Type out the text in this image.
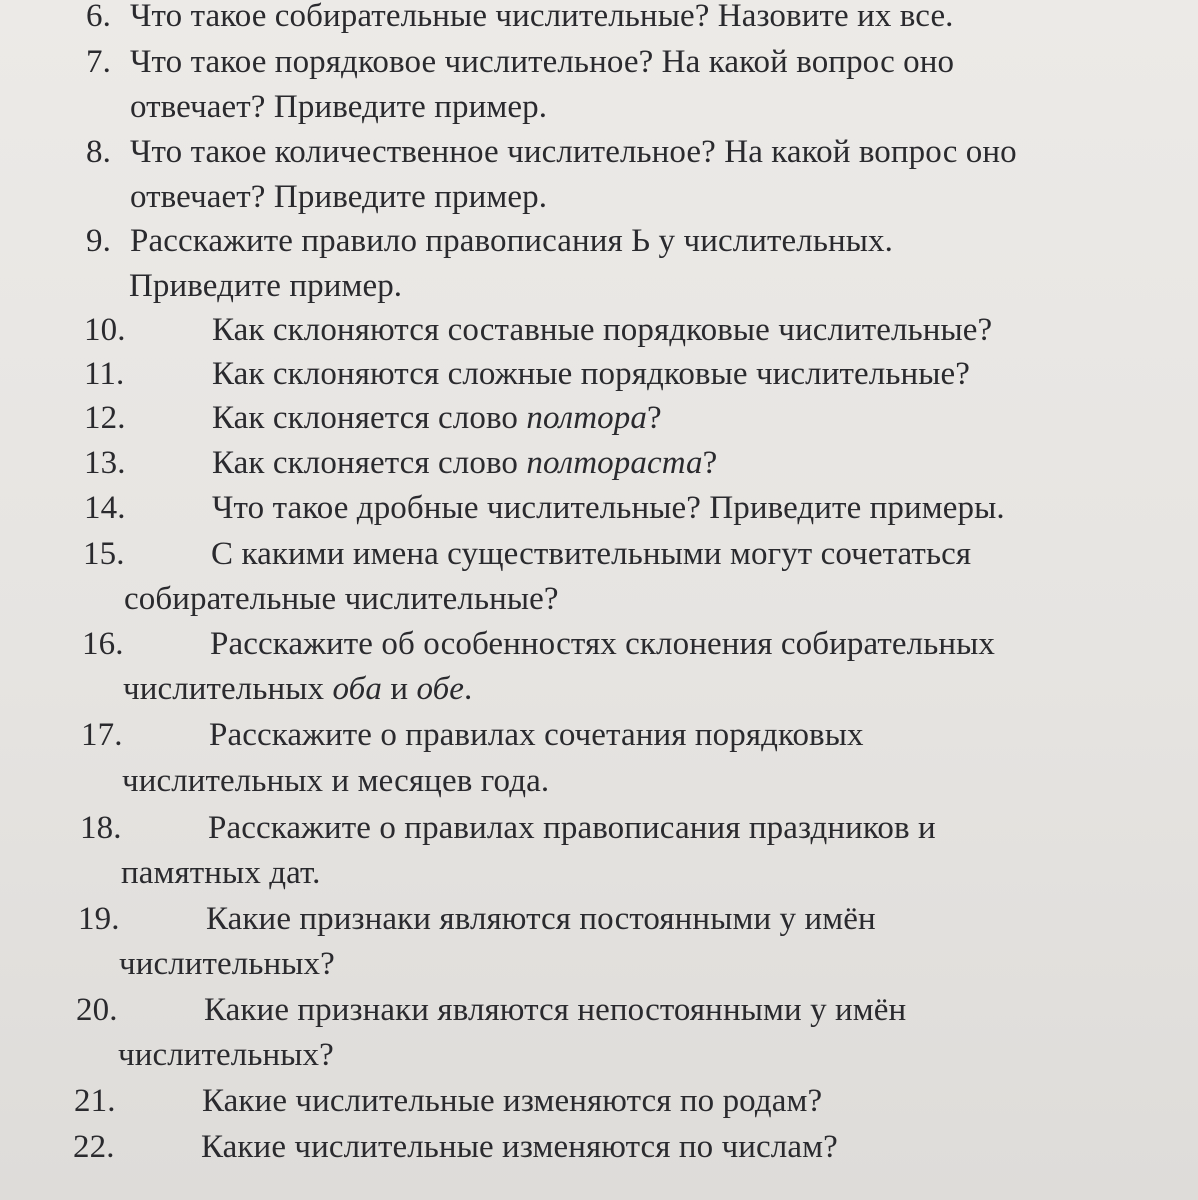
6. Что такое собирательные числительные? Назовите их все.
7. Что такое порядковое числительное? На какой вопрос оно
отвечает? Приведите пример.
8. Что такое количественное числительное? На какой вопрос оно
отвечает? Приведите пример.
9. Расскажите правило правописания Ь у числительных.
Приведите пример.
10.	Как склоняются составные порядковые числительные?
11.	Как склоняются сложные порядковые числительные?
12.	Как склоняется слово полтора?
13.	Как склоняется слово полтораста?
14.	Что такое дробные числительные? Приведите примеры.
15.	С какими имена существительными могут сочетаться
собирательные числительные?
16.	Расскажите об особенностях склонения собирательных
числительных оба и обе.
17.	Расскажите о правилах сочетания порядковых
числительных и месяцев года.
18.	Расскажите о правилах правописания праздников и
памятных дат.
19.	Какие признаки являются постоянными у имён
числительных?
20.	Какие признаки являются непостоянными у имён
числительных?
21.	Какие числительные изменяются по родам?
22.	Какие числительные изменяются по числам?
